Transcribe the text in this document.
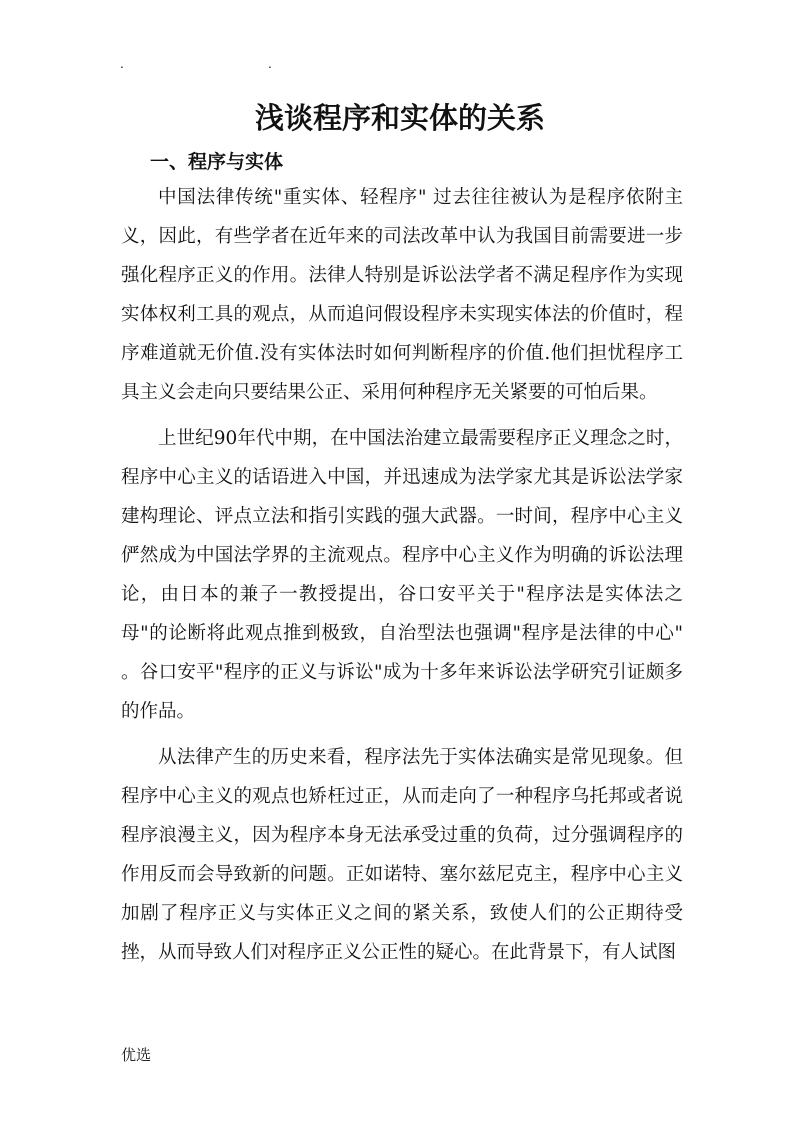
.	.
浅谈程序和实体的关系
一、程序与实体

中国法律传统"重实体、轻程序" 过去往往被认为是程序依附主义，因此，有些学者在近年来的司法改革中认为我国目前需要进一步强化程序正义的作用。法律人特别是诉讼法学者不满足程序作为实现实体权利工具的观点，从而追问假设程序未实现实体法的价值时，程序难道就无价值.没有实体法时如何判断程序的价值.他们担忧程序工具主义会走向只要结果公正、采用何种程序无关紧要的可怕后果。

上世纪90年代中期，在中国法治建立最需要程序正义理念之时，程序中心主义的话语进入中国，并迅速成为法学家尤其是诉讼法学家建构理论、评点立法和指引实践的强大武器。一时间，程序中心主义俨然成为中国法学界的主流观点。程序中心主义作为明确的诉讼法理论，由日本的兼子一教授提出，谷口安平关于"程序法是实体法之母"的论断将此观点推到极致，自治型法也强调"程序是法律的中心" 。谷口安平"程序的正义与诉讼"成为十多年来诉讼法学研究引证颇多的作品。

从法律产生的历史来看，程序法先于实体法确实是常见现象。但程序中心主义的观点也矫枉过正，从而走向了一种程序乌托邦或者说程序浪漫主义，因为程序本身无法承受过重的负荷，过分强调程序的作用反而会导致新的问题。正如诺特、塞尔兹尼克主，程序中心主义加剧了程序正义与实体正义之间的紧关系，致使人们的公正期待受挫，从而导致人们对程序正义公正性的疑心。在此背景下，有人试图

优选
